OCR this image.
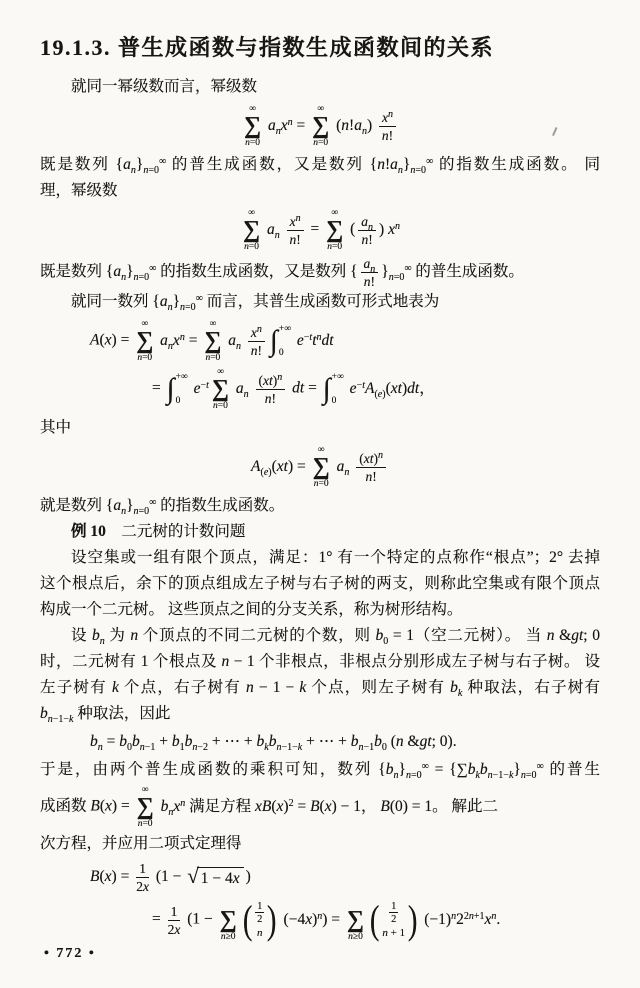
19.1.3. 普生成函数与指数生成函数间的关系
就同一幂级数而言，幂级数
∞
∑
n=0
$a_nx^n$ =
∞
∑
n=0
$(n!a_n) \frac{x^n}{n!}$
既是数列 $\{a_n\}_{n=0}^\infty$ 的普生成函数，又是数列 $\{n!a_n\}_{n=0}^\infty$ 的指数生成函数。 同
理，幂级数
∞
∑
n=0
$a_n \frac{x^n}{n!}$ =
∞
∑
n=0
( $\frac{a_n}{n!}$ ) $x^n$
既是数列 $\{a_n\}_{n=0}^\infty$ 的指数生成函数，又是数列 { $\frac{a_n}{n!} \}_{n=0}^\infty$ 的普生成函数。
就同一数列 $\{a_n\}_{n=0}^\infty$ 而言，其普生成函数可形式地表为
A(x) =
∞
∑
n=0
$a_nx^n$ =
∞
∑
n=0
$a_n \frac{x^n}{n!}$ ∫ +∞
0
$e^{-t}t^ndt$
= ∫ +∞
0
$e^{-t}$
∞
∑
n=0
$a_n \frac{(xt)^n}{n!}$ dt = ∫ +∞
0
$e^{-t}A_{(e)}(xt)dt$，
其中
$A_{(e)}(xt)$ =
∞
∑
n=0
$a_n \frac{(xt)^n}{n!}$
就是数列 $\{a_n\}_{n=0}^\infty$ 的指数生成函数。
例 10　二元树的计数问题
设空集或一组有限个顶点，满足：1° 有一个特定的点称作“根点”；2° 去掉
这个根点后，余下的顶点组成左子树与右子树的两支，则称此空集或有限个顶点
构成一个二元树。 这些顶点之间的分支关系，称为树形结构。
设 $b_n$ 为 n 个顶点的不同二元树的个数，则 $b_0 = 1$（空二元树）。 当 n &gt; 0
时，二元树有 1 个根点及 n − 1 个非根点，非根点分别形成左子树与右子树。 设
左子树有 k 个点，右子树有 n − 1 − k 个点，则左子树有 $b_k$ 种取法，右子树有
$b_{n-1-k}$ 种取法，因此
$b_n = b_0b_{n-1} + b_1b_{n-2}$ + ⋯ + $b_kb_{n-1-k}$ + ⋯ + $b_{n-1}b_0$ (n &gt; 0).
于是，由两个普生成函数的乘积可知，数列 $\{b_n\}_{n=0}^\infty = \{\sum b_kb_{n-1-k}\}_{n=0}^\infty$ 的普生
成函数 B(x) =
∞
∑
n=0
$b_nx^n$ 满足方程 $xB(x)^2 = B(x) - 1$， B(0) = 1。 解此二
次方程，并应用二项式定理得
$B(x) = \frac{1}{2x} (1$ − √ 1 − 4x )
= $\frac{1}{2x} (1$ − ∑
n≥0 ( 1
2
n ) $(-4x)^n$) = ∑
n≥0 ( 1
2
n + 1 ) $(-1)^n2^{2n+1}x^n$.
• 772 •
